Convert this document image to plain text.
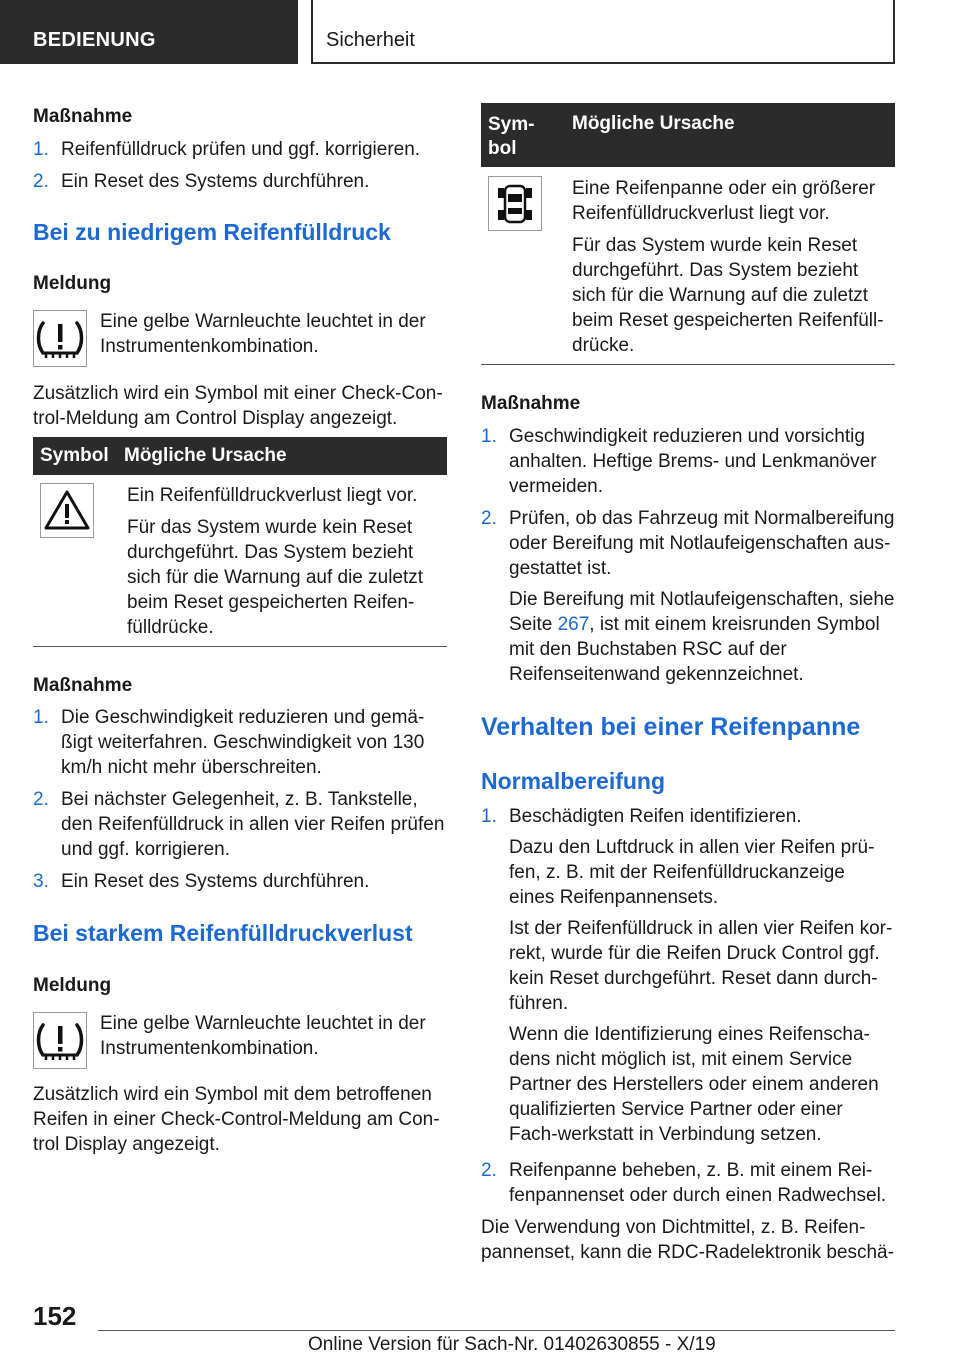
BEDIENUNG	Sicherheit
Maßnahme
1. Reifenfülldruck prüfen und ggf. korrigieren.

2. Ein Reset des Systems durchführen.

Bei zu niedrigem Reifenfülldruck
Meldung
Eine gelbe Warnleuchte leuchtet in der Instrumentenkombination.
Zusätzlich wird ein Symbol mit einer Check-Con-trol-Meldung am Control Display angezeigt.
Symbol Mögliche Ursache

Ein Reifenfülldruckverlust liegt vor.

Für das System wurde kein Reset durchgeführt. Das System bezieht sich für die Warnung auf die zuletzt beim Reset gespeicherten Reifen-fülldrücke.

Maßnahme
1. Die Geschwindigkeit reduzieren und gemä-ßigt weiterfahren. Geschwindigkeit von 130 km/h nicht mehr überschreiten.

2. Bei nächster Gelegenheit, z. B. Tankstelle, den Reifenfülldruck in allen vier Reifen prüfen und ggf. korrigieren.

3. Ein Reset des Systems durchführen.

Bei starkem Reifenfülldruckverlust
Meldung
Eine gelbe Warnleuchte leuchtet in der Instrumentenkombination.
Zusätzlich wird ein Symbol mit dem betroffenen Reifen in einer Check-Control-Meldung am Con-trol Display angezeigt.
Sym-bol
Mögliche Ursache

Eine Reifenpanne oder ein größerer Reifenfülldruckverlust liegt vor.

Für das System wurde kein Reset durchgeführt. Das System bezieht sich für die Warnung auf die zuletzt beim Reset gespeicherten Reifenfüll-drücke.

Maßnahme
1. Geschwindigkeit reduzieren und vorsichtig anhalten. Heftige Brems- und Lenkmanöver vermeiden.

2. Prüfen, ob das Fahrzeug mit Normalbereifung oder Bereifung mit Notlaufeigenschaften aus-gestattet ist.

Die Bereifung mit Notlaufeigenschaften, siehe Seite 267, ist mit einem kreisrunden Symbol mit den Buchstaben RSC auf der Reifenseitenwand gekennzeichnet.

Verhalten bei einer Reifenpanne
Normalbereifung
1. Beschädigten Reifen identifizieren.

Dazu den Luftdruck in allen vier Reifen prü-fen, z. B. mit der Reifenfülldruckanzeige eines Reifenpannensets.

Ist der Reifenfülldruck in allen vier Reifen kor-rekt, wurde für die Reifen Druck Control ggf. kein Reset durchgeführt. Reset dann durch-führen.

Wenn die Identifizierung eines Reifenscha-dens nicht möglich ist, mit einem Service Partner des Herstellers oder einem anderen qualifizierten Service Partner oder einer Fach-werkstatt in Verbindung setzen.

2. Reifenpanne beheben, z. B. mit einem Rei-fenpannenset oder durch einen Radwechsel.

Die Verwendung von Dichtmittel, z. B. Reifen-pannenset, kann die RDC-Radelektronik beschä-
152
Online Version für Sach-Nr. 01402630855 - X/19
